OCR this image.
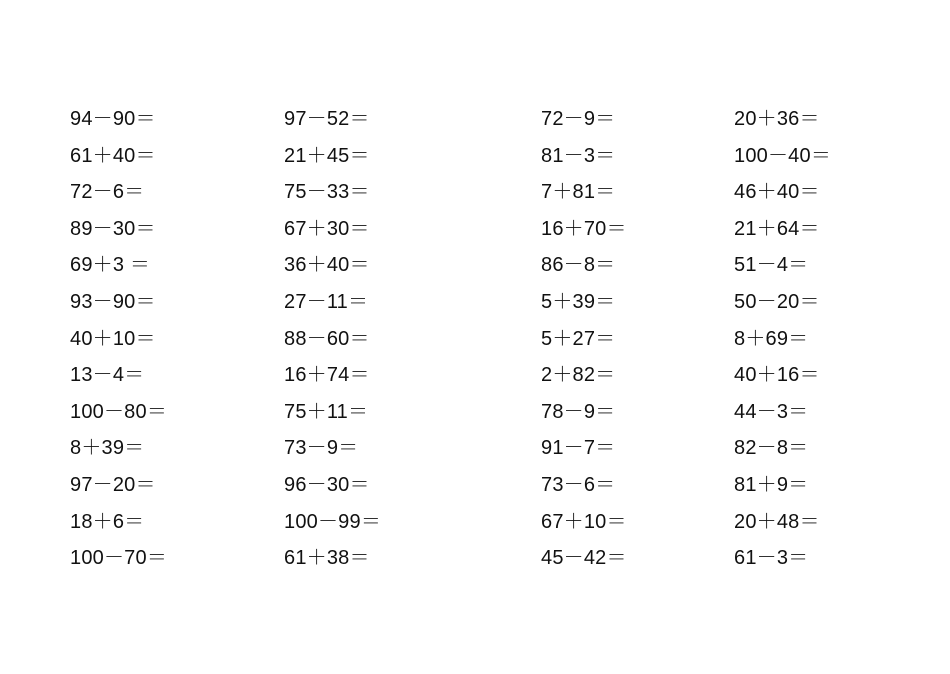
94－90＝
61＋40＝
72－6＝
89－30＝
69＋3 ＝
93－90＝
40＋10＝
13－4＝
100－80＝
8＋39＝
97－20＝
18＋6＝
100－70＝
97－52＝
21＋45＝
75－33＝
67＋30＝
36＋40＝
27－11＝
88－60＝
16＋74＝
75＋11＝
73－9＝
96－30＝
100－99＝
61＋38＝
72－9＝
81－3＝
7＋81＝
16＋70＝
86－8＝
5＋39＝
5＋27＝
2＋82＝
78－9＝
91－7＝
73－6＝
67＋10＝
45－42＝
20＋36＝
100－40＝
46＋40＝
21＋64＝
51－4＝
50－20＝
8＋69＝
40＋16＝
44－3＝
82－8＝
81＋9＝
20＋48＝
61－3＝
